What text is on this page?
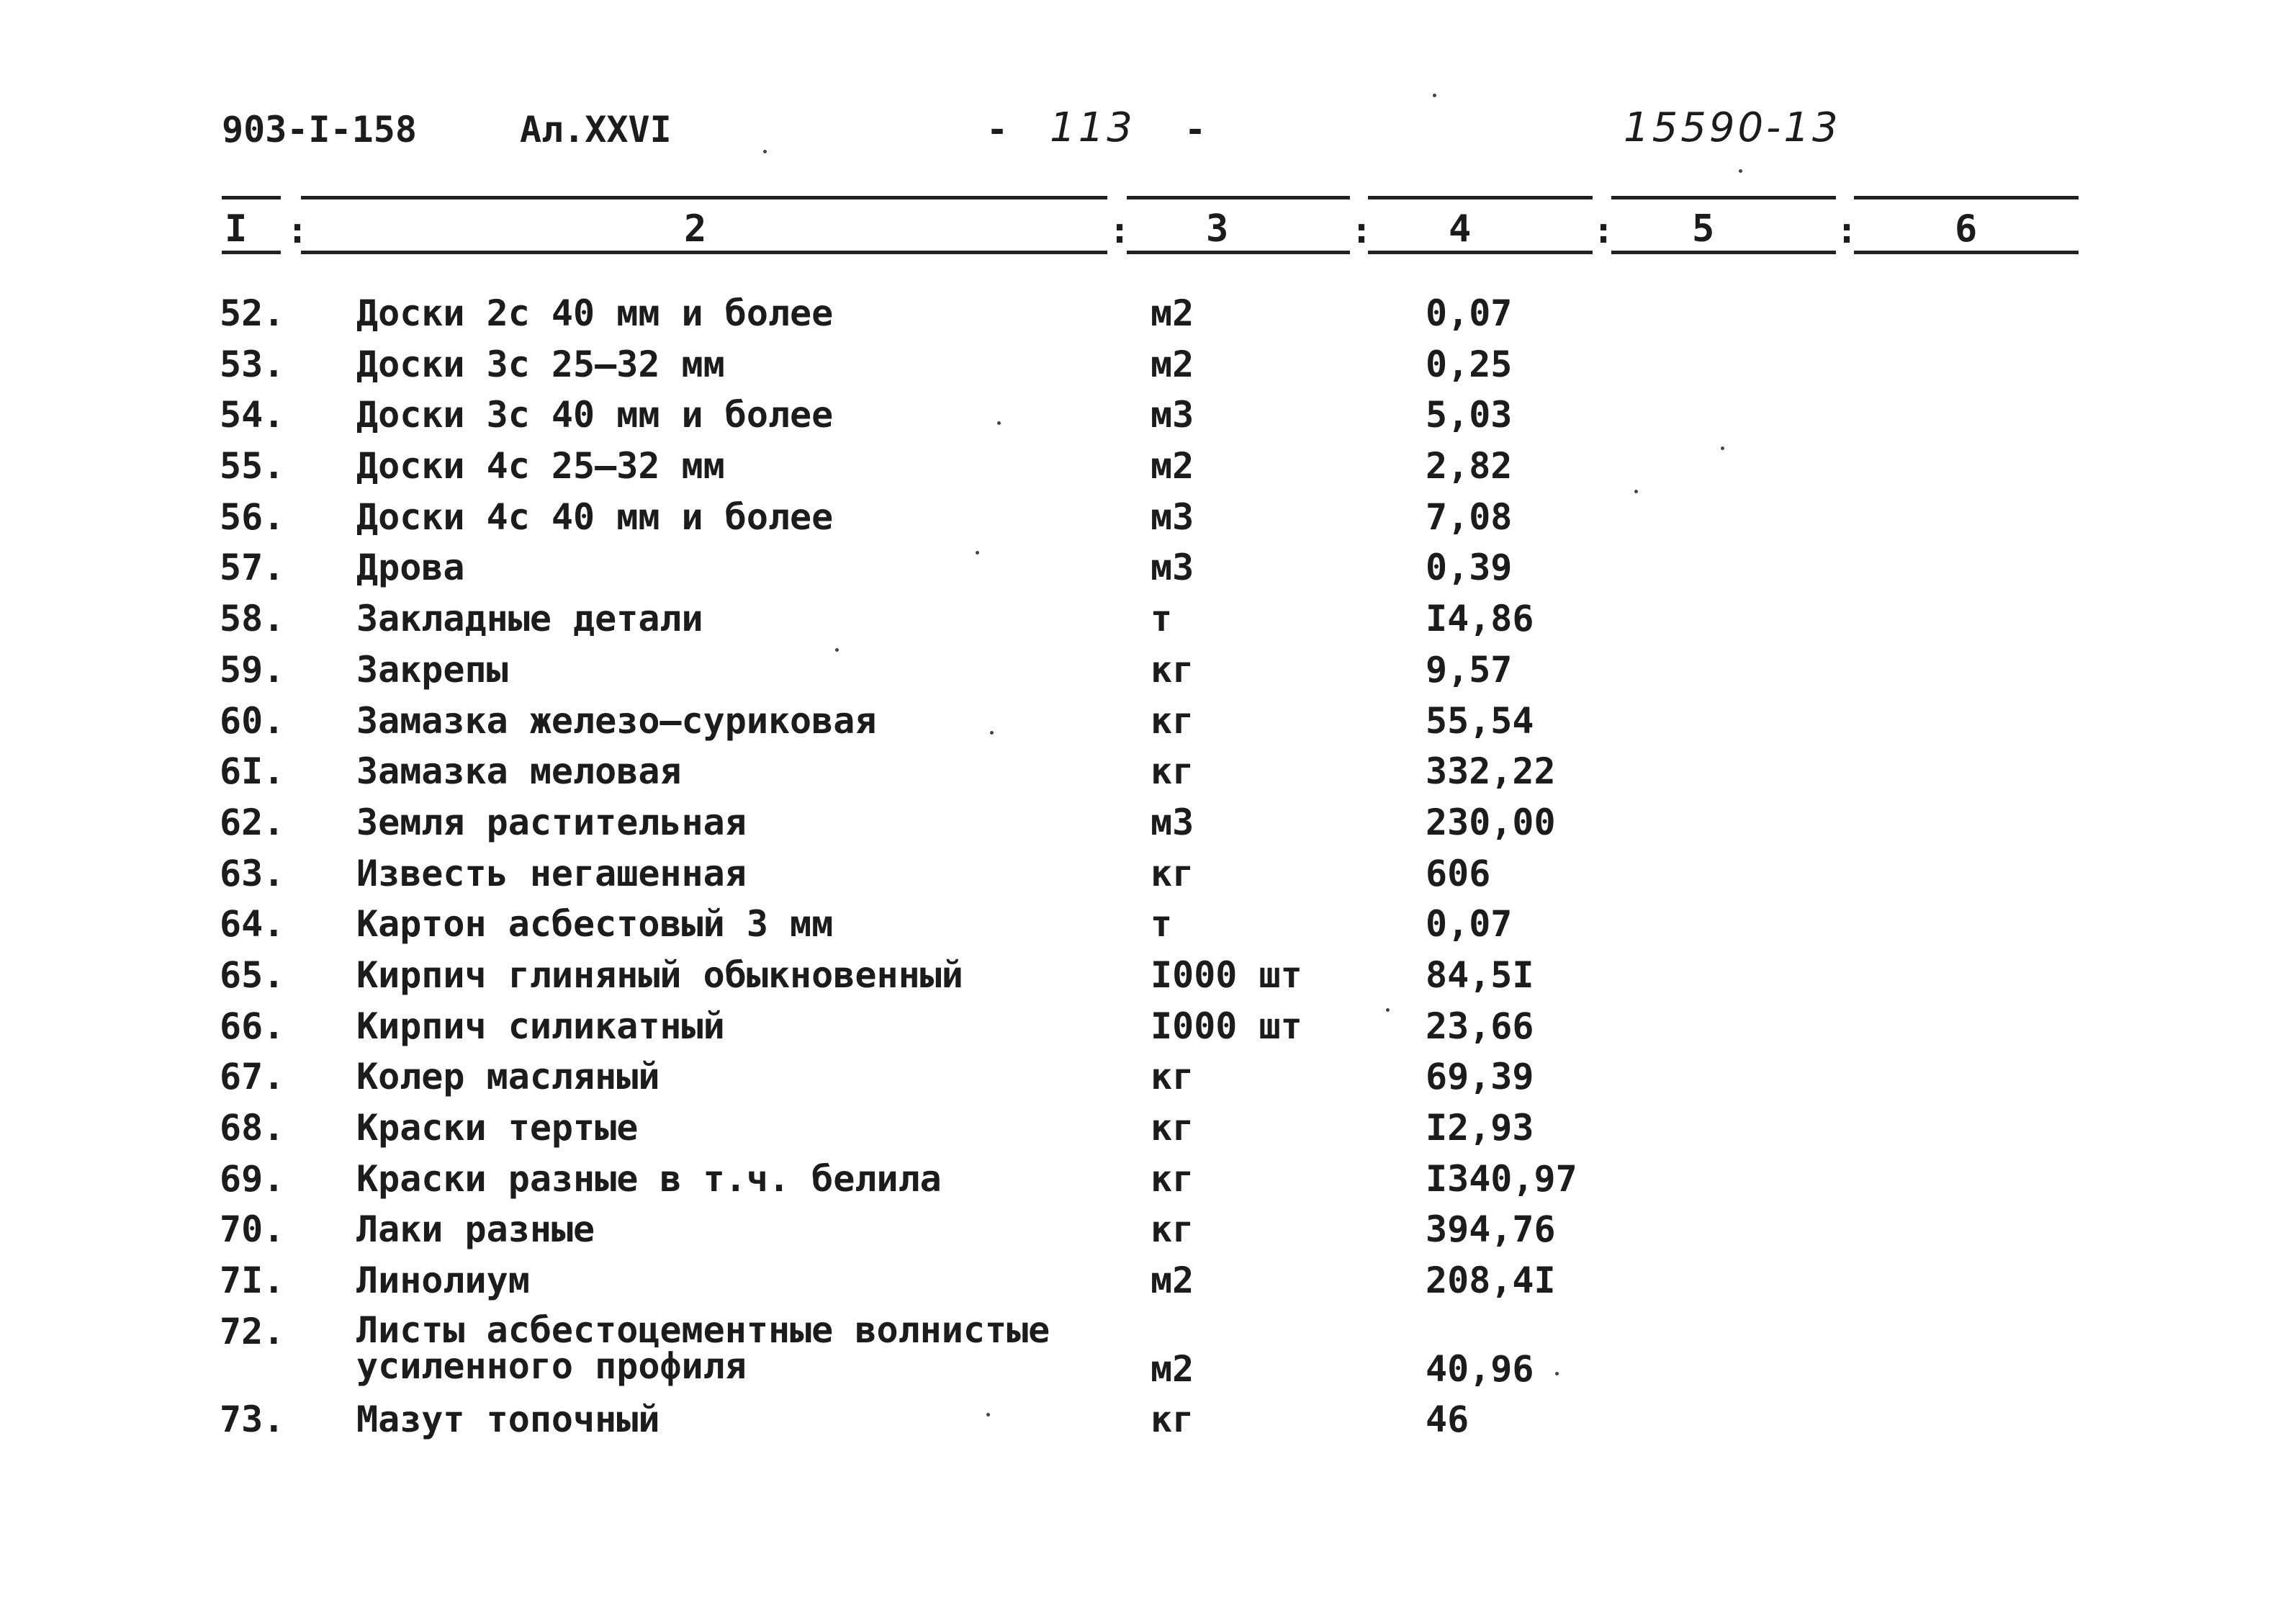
903-I-158	Ал.XXVI	- 113 -	15590-13
I	2	3	4	5	6
:	:	:	:	:
52. Доски 2с 40 мм и более	м2	0,07
53. Доски 3с 25–32 мм	м2	0,25
54. Доски 3с 40 мм и более	м3	5,03
55. Доски 4с 25–32 мм	м2	2,82
56. Доски 4с 40 мм и более	м3	7,08
57. Дрова	м3	0,39
58. Закладные детали	т	I4,86
59. Закрепы	кг	9,57
60. Замазка железо–суриковая	кг	55,54
6I. Замазка меловая	кг	332,22
62. Земля растительная	м3	230,00
63. Известь негашенная	кг	606
64. Картон асбестовый 3 мм	т	0,07
65. Кирпич глиняный обыкновенный	I000 шт	84,5I
66. Кирпич силикатный	I000 шт	23,66
67. Колер масляный	кг	69,39
68. Краски тертые	кг	I2,93
69. Краски разные в т.ч. белила	кг	I340,97
70. Лаки разные	кг	394,76
7I. Линолиум	м2	208,4I
72. Листы асбестоцементные волнистые
усиленного профиля	м2	40,96
73. Мазут топочный	кг	46
